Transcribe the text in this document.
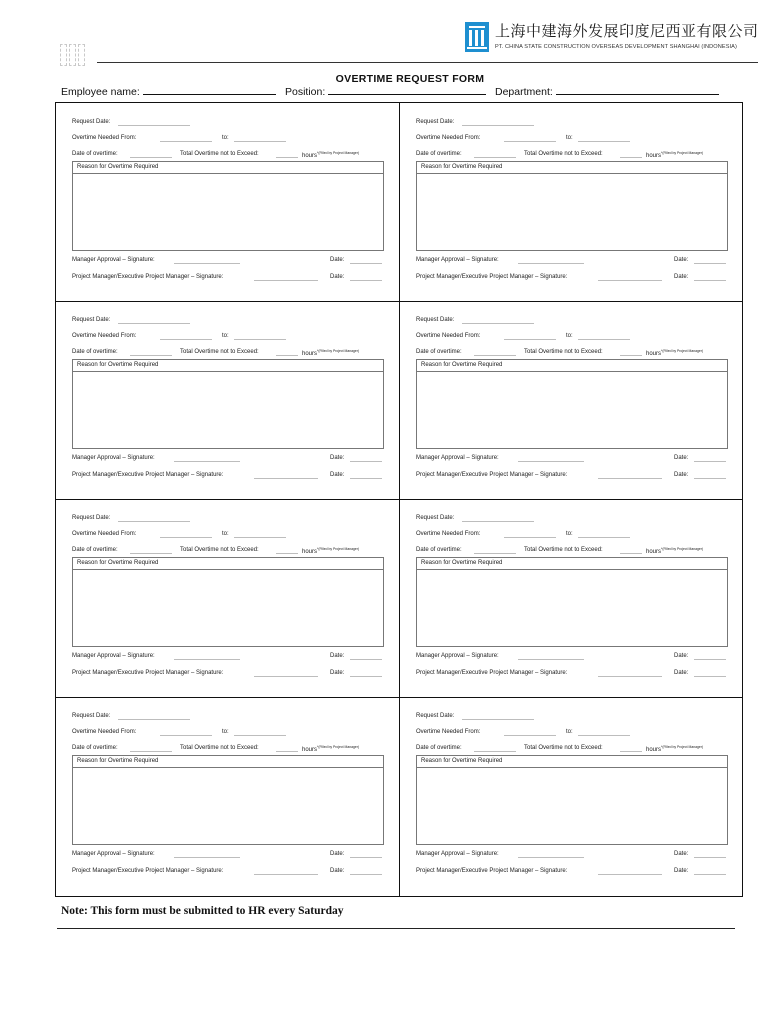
上海中建海外发展印度尼西亚有限公司
PT. CHINA STATE CONSTRUCTION OVERSEAS DEVELOPMENT SHANGHAI (INDONESIA)
OVERTIME REQUEST FORM
Employee name:	Position:	Department:
Request Date:
Overtime Needed From:	to:
Date of overtime:	Total Overtime not to Exceed:	hours$^{*(Filled by Project Manager)}$
Reason for Overtime Required
Manager Approval – Signature:	Date:
Project Manager/Executive Project Manager – Signature:	Date:
Request Date:
Overtime Needed From:	to:
Date of overtime:	Total Overtime not to Exceed:	hours$^{*(Filled by Project Manager)}$
Reason for Overtime Required
Manager Approval – Signature:	Date:
Project Manager/Executive Project Manager – Signature:	Date:
Request Date:
Overtime Needed From:	to:
Date of overtime:	Total Overtime not to Exceed:	hours$^{*(Filled by Project Manager)}$
Reason for Overtime Required
Manager Approval – Signature:	Date:
Project Manager/Executive Project Manager – Signature:	Date:
Request Date:
Overtime Needed From:	to:
Date of overtime:	Total Overtime not to Exceed:	hours$^{*(Filled by Project Manager)}$
Reason for Overtime Required
Manager Approval – Signature:	Date:
Project Manager/Executive Project Manager – Signature:	Date:
Request Date:
Overtime Needed From:	to:
Date of overtime:	Total Overtime not to Exceed:	hours$^{*(Filled by Project Manager)}$
Reason for Overtime Required
Manager Approval – Signature:	Date:
Project Manager/Executive Project Manager – Signature:	Date:
Request Date:
Overtime Needed From:	to:
Date of overtime:	Total Overtime not to Exceed:	hours$^{*(Filled by Project Manager)}$
Reason for Overtime Required
Manager Approval – Signature:	Date:
Project Manager/Executive Project Manager – Signature:	Date:
Request Date:
Overtime Needed From:	to:
Date of overtime:	Total Overtime not to Exceed:	hours$^{*(Filled by Project Manager)}$
Reason for Overtime Required
Manager Approval – Signature:	Date:
Project Manager/Executive Project Manager – Signature:	Date:
Request Date:
Overtime Needed From:	to:
Date of overtime:	Total Overtime not to Exceed:	hours$^{*(Filled by Project Manager)}$
Reason for Overtime Required
Manager Approval – Signature:	Date:
Project Manager/Executive Project Manager – Signature:	Date:
Note: This form must be submitted to HR every Saturday
